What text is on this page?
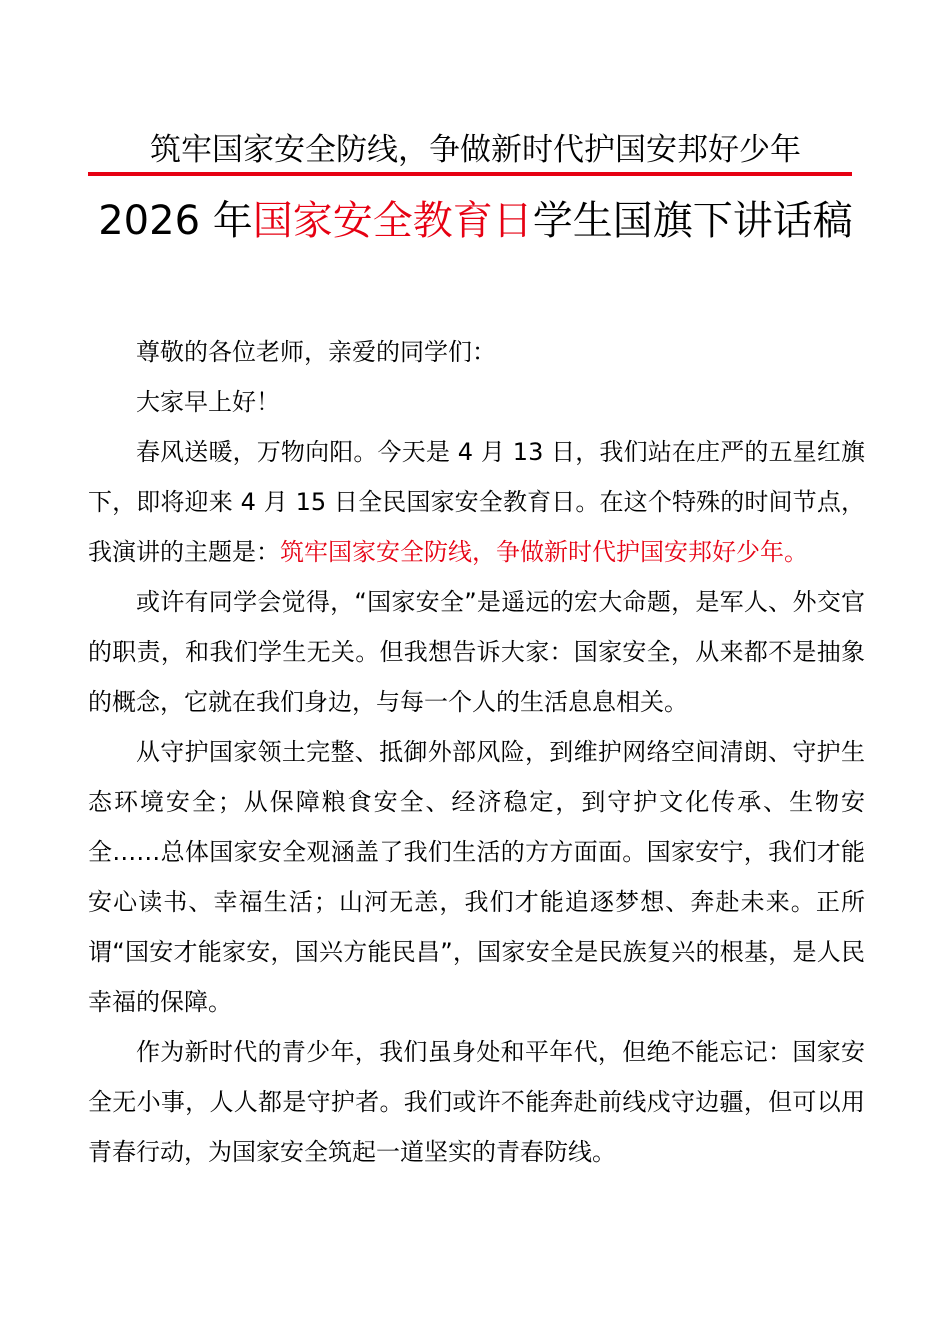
筑牢国家安全防线，争做新时代护国安邦好少年
2026 年国家安全教育日学生国旗下讲话稿

尊敬的各位老师，亲爱的同学们：

大家早上好！

春风送暖，万物向阳。今天是 4 月 13 日，我们站在庄严的五星红旗下，即将迎来 4 月 15 日全民国家安全教育日。在这个特殊的时间节点，我演讲的主题是：筑牢国家安全防线，争做新时代护国安邦好少年。

或许有同学会觉得，“国家安全”是遥远的宏大命题，是军人、外交官的职责，和我们学生无关。但我想告诉大家：国家安全，从来都不是抽象的概念，它就在我们身边，与每一个人的生活息息相关。

从守护国家领土完整、抵御外部风险，到维护网络空间清朗、守护生态环境安全；从保障粮食安全、经济稳定，到守护文化传承、生物安全……总体国家安全观涵盖了我们生活的方方面面。国家安宁，我们才能安心读书、幸福生活；山河无恙，我们才能追逐梦想、奔赴未来。正所谓“国安才能家安，国兴方能民昌”，国家安全是民族复兴的根基，是人民幸福的保障。

作为新时代的青少年，我们虽身处和平年代，但绝不能忘记：国家安全无小事，人人都是守护者。我们或许不能奔赴前线戍守边疆，但可以用青春行动，为国家安全筑起一道坚实的青春防线。
